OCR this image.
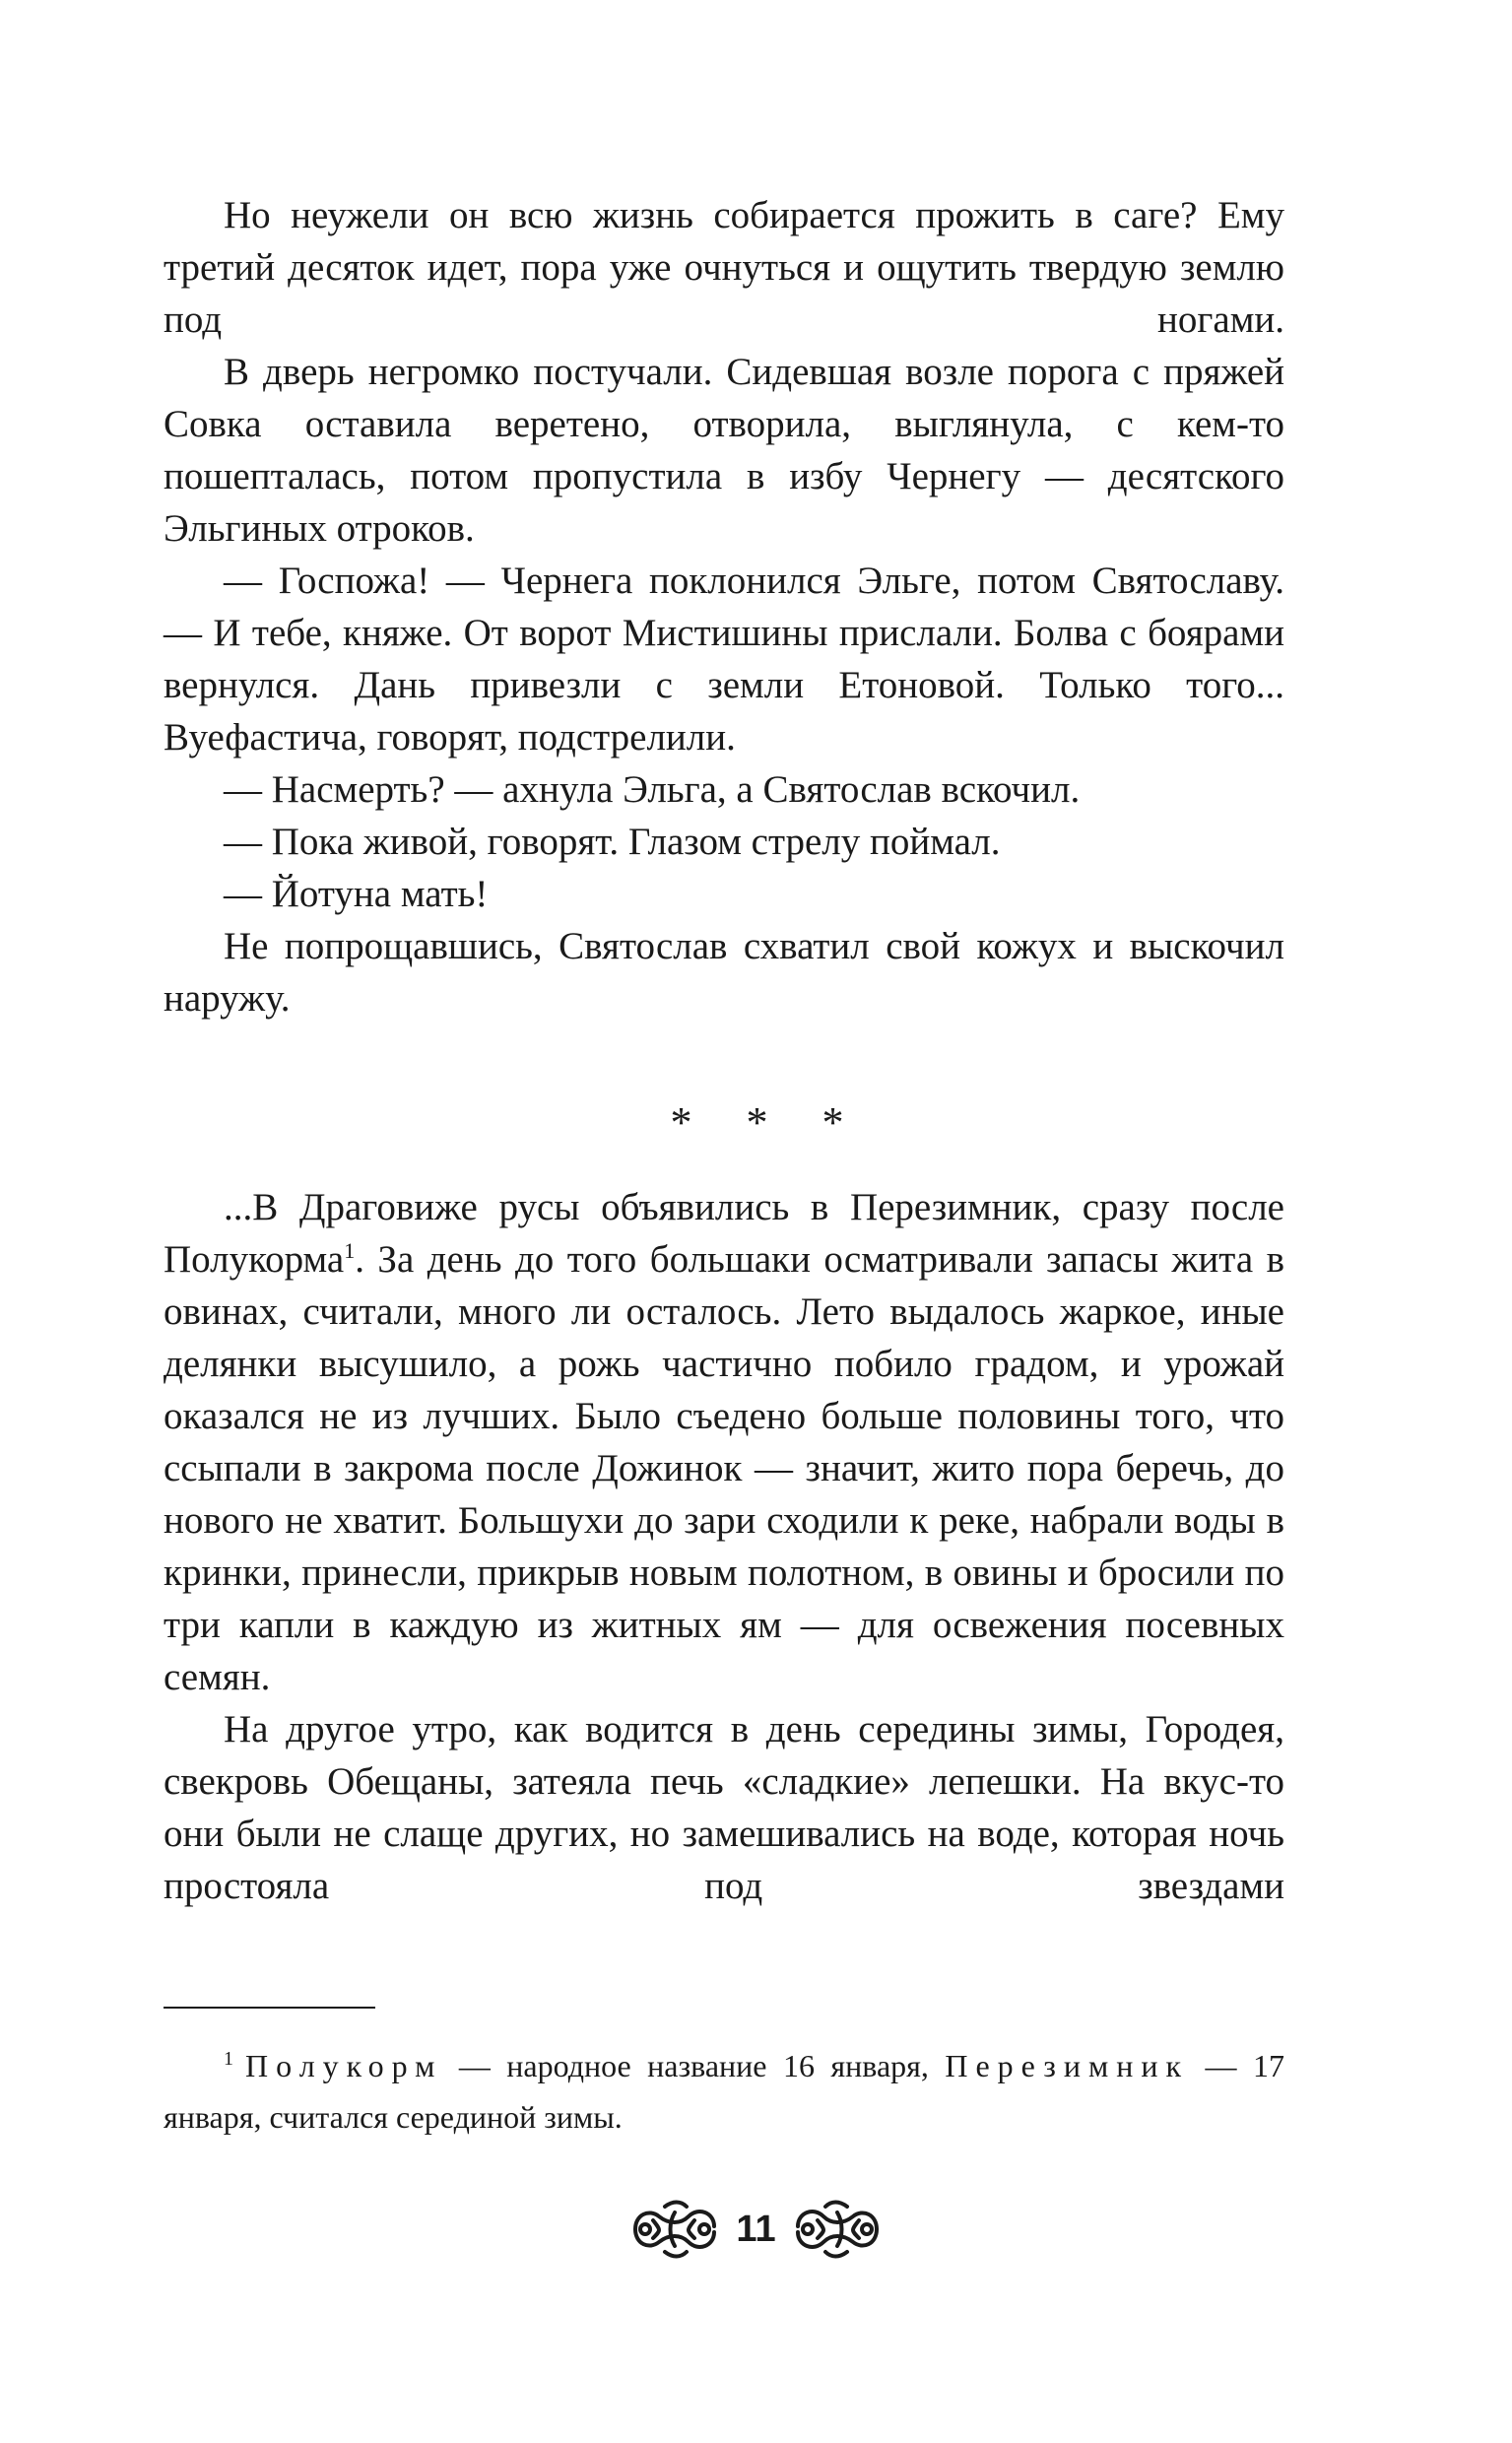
Но неужели он всю жизнь собирается прожить в саге? Ему третий десяток идет, пора уже очнуться и ощутить твердую землю под ногами.

В дверь негромко постучали. Сидевшая возле порога с пряжей Совка оставила веретено, отворила, выглянула, с кем-то пошепталась, потом пропустила в избу Чернегу — десятского Эльгиных отроков.

— Госпожа! — Чернега поклонился Эльге, потом Святославу. — И тебе, княже. От ворот Мистишины прислали. Болва с боярами вернулся. Дань привезли с земли Етоновой. Только того... Вуефастича, говорят, подстрелили.

— Насмерть? — ахнула Эльга, а Святослав вскочил.

— Пока живой, говорят. Глазом стрелу поймал.

— Йотуна мать!

Не попрощавшись, Святослав схватил свой кожух и выскочил наружу.

* * *

...В Драговиже русы объявились в Перезимник, сразу после Полукорма$^1$. За день до того большаки осматривали запасы жита в овинах, считали, много ли осталось. Лето выдалось жаркое, иные делянки высушило, а рожь частично побило градом, и урожай оказался не из лучших. Было съедено больше половины того, что ссыпали в закрома после Дожинок — значит, жито пора беречь, до нового не хватит. Большухи до зари сходили к реке, набрали воды в кринки, принесли, прикрыв новым полотном, в овины и бросили по три капли в каждую из житных ям — для освежения посевных семян.

На другое утро, как водится в день середины зимы, Городея, свекровь Обещаны, затеяла печь «сладкие» лепешки. На вкус-то они были не слаще других, но замешивались на воде, которая ночь простояла под звездами

$^1$ Полукорм — народное название 16 января, Перезимник — 17 января, считался серединой зимы.
11
